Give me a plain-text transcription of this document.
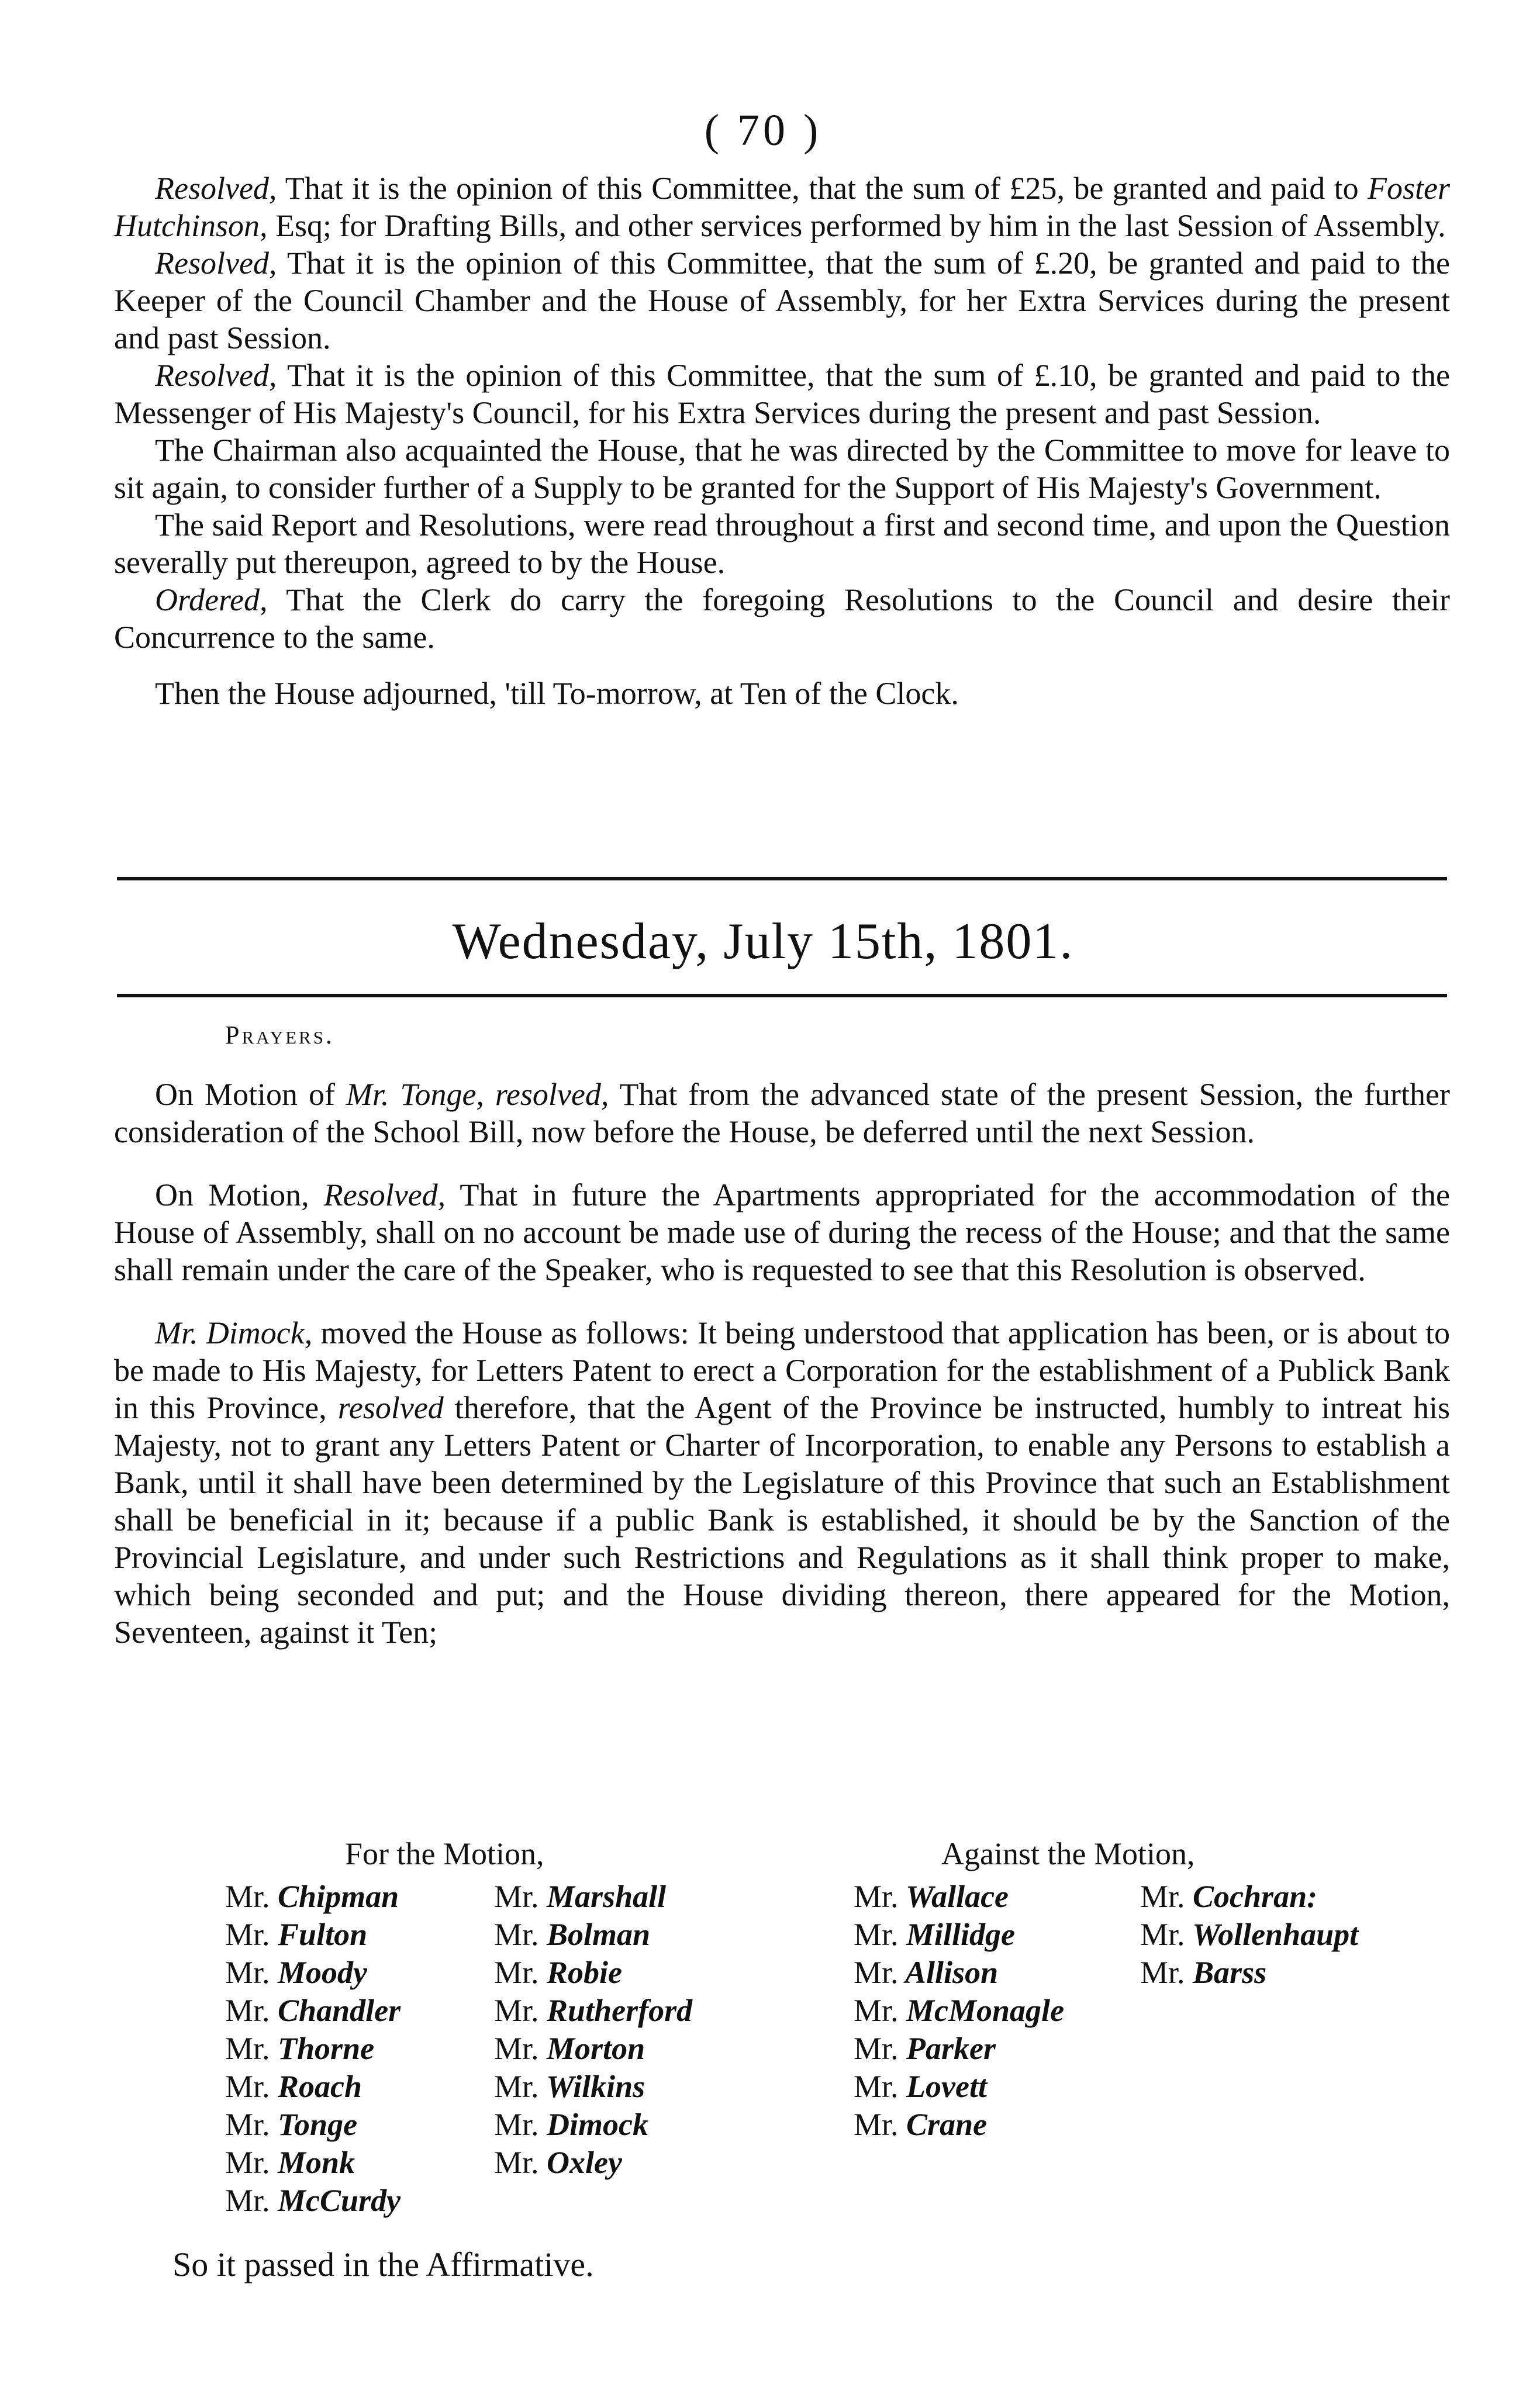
( 70 )

Resolved, That it is the opinion of this Committee, that the sum of £25, be granted and paid to Foster Hutchinson, Esq; for Drafting Bills, and other services performed by him in the last Session of Assembly.

Resolved, That it is the opinion of this Committee, that the sum of £.20, be granted and paid to the Keeper of the Council Chamber and the House of Assembly, for her Extra Services during the present and past Session.

Resolved, That it is the opinion of this Committee, that the sum of £.10, be granted and paid to the Messenger of His Majesty's Council, for his Extra Services during the present and past Session.

The Chairman also acquainted the House, that he was directed by the Committee to move for leave to sit again, to consider further of a Supply to be granted for the Support of His Majesty's Government.

The said Report and Resolutions, were read throughout a first and second time, and upon the Question severally put thereupon, agreed to by the House.

Ordered, That the Clerk do carry the foregoing Resolutions to the Council and desire their Concurrence to the same.

Then the House adjourned, 'till To-morrow, at Ten of the Clock.

Wednesday, July 15th, 1801.
Prayers.

On Motion of Mr. Tonge, resolved, That from the advanced state of the present Session, the further consideration of the School Bill, now before the House, be deferred until the next Session.

On Motion, Resolved, That in future the Apartments appropriated for the accommodation of the House of Assembly, shall on no account be made use of during the recess of the House; and that the same shall remain under the care of the Speaker, who is requested to see that this Resolution is observed.

Mr. Dimock, moved the House as follows: It being understood that application has been, or is about to be made to His Majesty, for Letters Patent to erect a Corporation for the establishment of a Publick Bank in this Province, resolved therefore, that the Agent of the Province be instructed, humbly to intreat his Majesty, not to grant any Letters Patent or Charter of Incorporation, to enable any Persons to establish a Bank, until it shall have been determined by the Legislature of this Province that such an Establishment shall be beneficial in it; because if a public Bank is established, it should be by the Sanction of the Provincial Legislature, and under such Restrictions and Regulations as it shall think proper to make, which being seconded and put; and the House dividing thereon, there appeared for the Motion, Seventeen, against it Ten;

For the Motion,	Against the Motion,
Mr. Chipman
Mr. Fulton
Mr. Moody
Mr. Chandler
Mr. Thorne
Mr. Roach
Mr. Tonge
Mr. Monk
Mr. McCurdy
Mr. Marshall
Mr. Bolman
Mr. Robie
Mr. Rutherford
Mr. Morton
Mr. Wilkins
Mr. Dimock
Mr. Oxley
Mr. Wallace
Mr. Millidge
Mr. Allison
Mr. McMonagle
Mr. Parker
Mr. Lovett
Mr. Crane
Mr. Cochran:
Mr. Wollenhaupt
Mr. Barss
So it passed in the Affirmative.
